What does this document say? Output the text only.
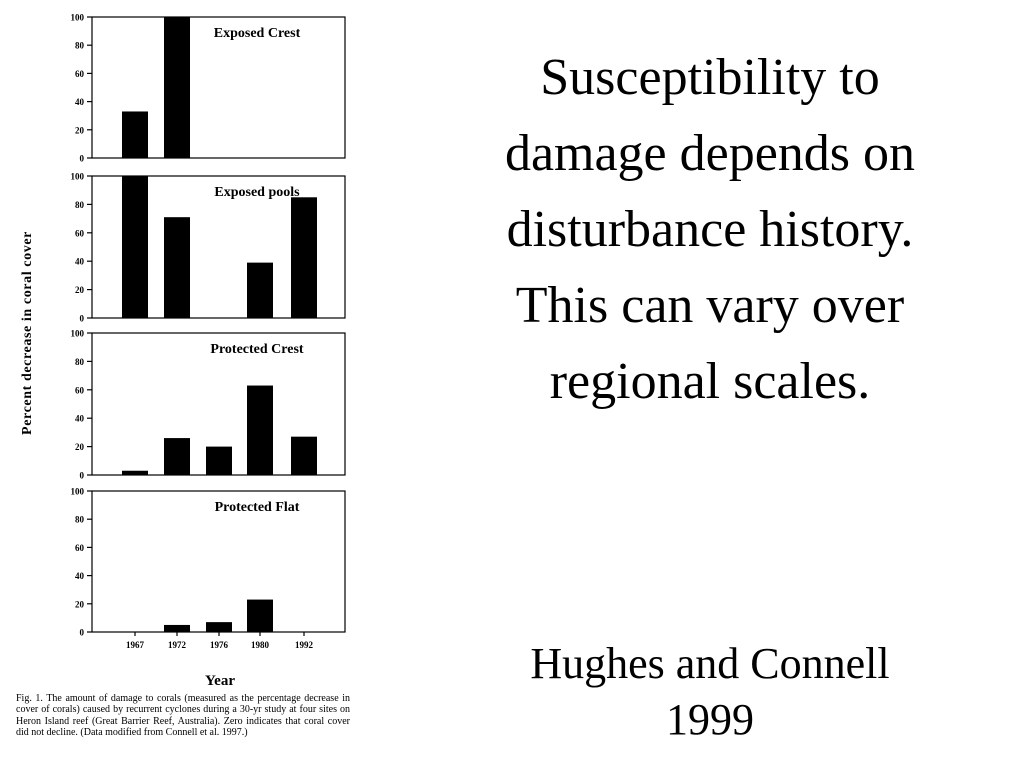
Percent decrease in coral cover
Year
0
20
40
60
80
100
Exposed Crest
0
20
40
60
80
100
Exposed pools
0
20
40
60
80
100
Protected Crest
0
20
40
60
80
100
Protected Flat
1967	1972	1976	1980	1992
Fig. 1. The amount of damage to corals (measured as the percentage decrease in cover of corals) caused by recurrent cyclones during a 30-yr study at four sites on Heron Island reef (Great Barrier Reef, Australia). Zero indicates that coral cover did not decline. (Data modified from Connell et al. 1997.)
Susceptibility to damage depends on disturbance history. This can vary over regional scales.
Hughes and Connell
1999
